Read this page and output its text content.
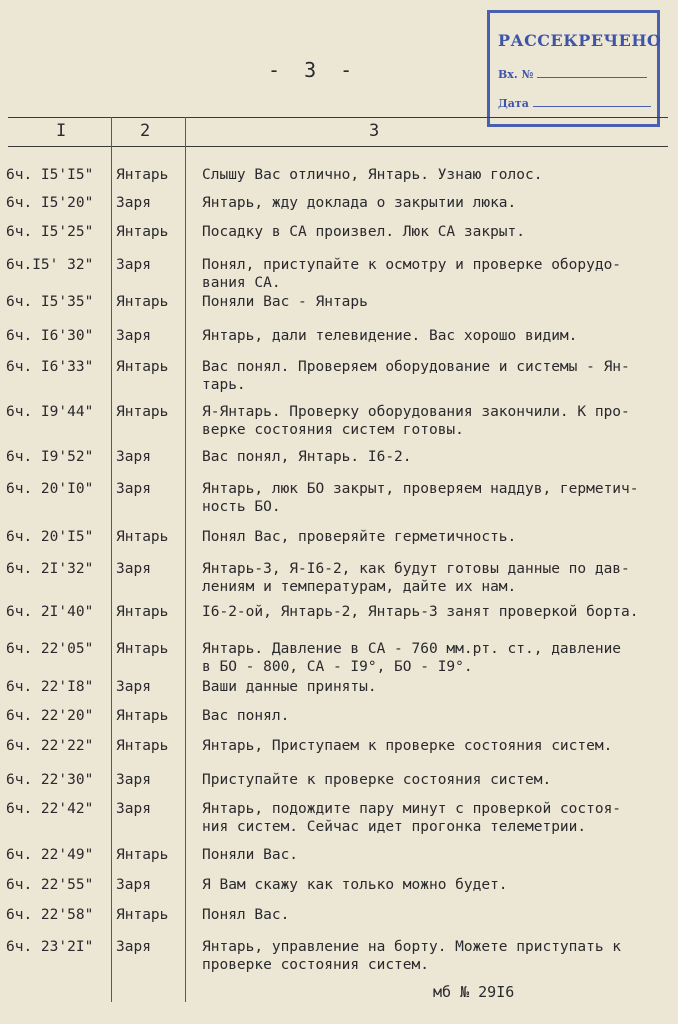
РАССЕКРЕЧЕНО
Вх. №
Дата
- 3 -
I	2	3
6ч. I5'I5" Янтарь Слышу Вас отлично, Янтарь. Узнаю голос.
6ч. I5'20" Заря	Янтарь, жду доклада о закрытии люка.
6ч. I5'25" Янтарь Посадку в СА произвел. Люк СА закрыт.
6ч.I5' 32" Заря	Понял, приступайте к осмотру и проверке оборудо-
вания СА.
6ч. I5'35" Янтарь Поняли Вас - Янтарь
6ч. I6'30" Заря	Янтарь, дали телевидение. Вас хорошо видим.
6ч. I6'33" Янтарь Вас понял. Проверяем оборудование и системы - Ян-
тарь.
6ч. I9'44" Янтарь Я-Янтарь. Проверку оборудования закончили. К про-
верке состояния систем готовы.
6ч. I9'52" Заря	Вас понял, Янтарь. I6-2.
6ч. 20'I0" Заря	Янтарь, люк БО закрыт, проверяем наддув, герметич-
ность БО.
6ч. 20'I5" Янтарь Понял Вас, проверяйте герметичность.
6ч. 2I'32" Заря	Янтарь-3, Я-I6-2, как будут готовы данные по дав-
лениям и температурам, дайте их нам.
6ч. 2I'40" Янтарь I6-2-ой, Янтарь-2, Янтарь-3 занят проверкой борта.
6ч. 22'05" Янтарь Янтарь. Давление в СА - 760 мм.рт. ст., давление
в БО - 800, СА - I9°, БО - I9°.
6ч. 22'I8" Заря	Ваши данные приняты.
6ч. 22'20" Янтарь Вас понял.
6ч. 22'22" Янтарь Янтарь, Приступаем к проверке состояния систем.
6ч. 22'30" Заря	Приступайте к проверке состояния систем.
6ч. 22'42" Заря	Янтарь, подождите пару минут с проверкой состоя-
ния систем. Сейчас идет прогонка телеметрии.
6ч. 22'49" Янтарь Поняли Вас.
6ч. 22'55" Заря	Я Вам скажу как только можно будет.
6ч. 22'58" Янтарь Понял Вас.
6ч. 23'2I" Заря	Янтарь, управление на борту. Можете приступать к
проверке состояния систем.
мб № 29I6
